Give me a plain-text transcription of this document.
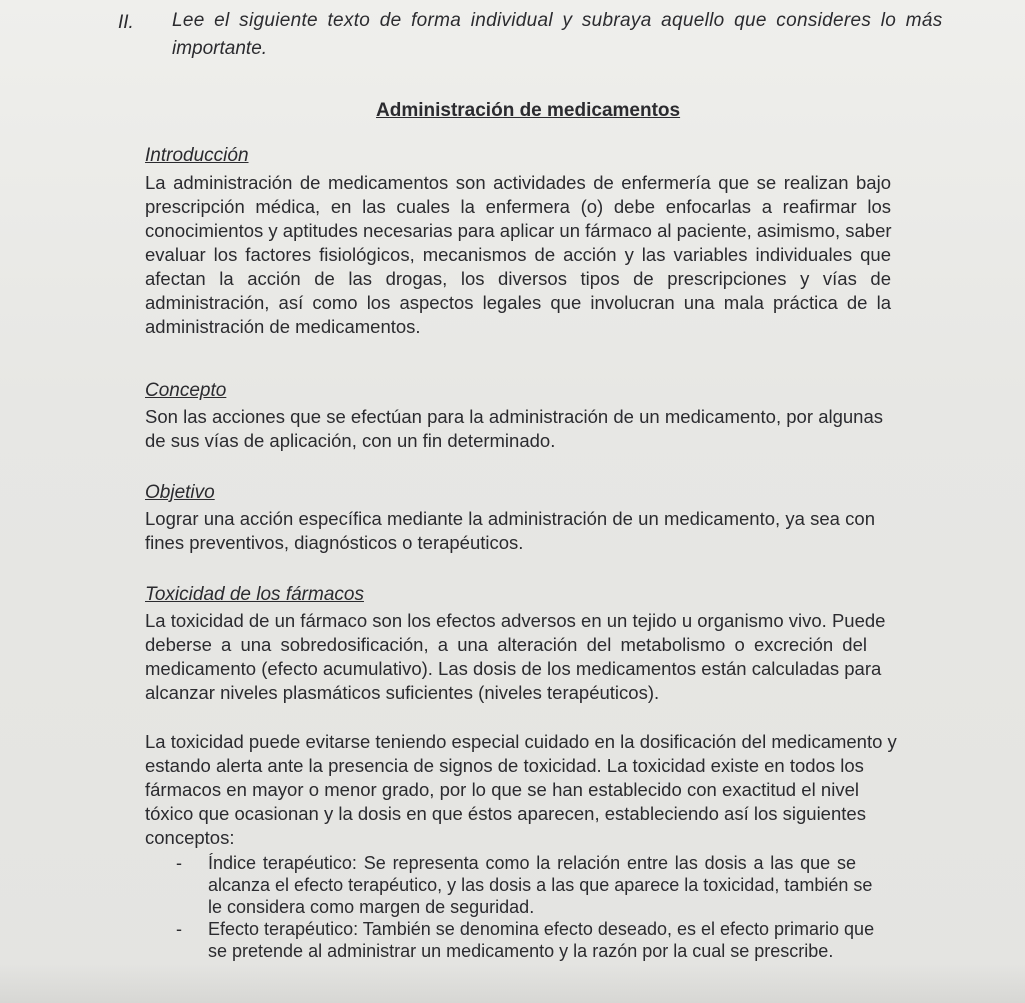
II. Lee el siguiente texto de forma individual y subraya aquello que consideres lo más
importante.
Administración de medicamentos
Introducción
La administración de medicamentos son actividades de enfermería que se realizan bajo
prescripción médica, en las cuales la enfermera (o) debe enfocarlas a reafirmar los
conocimientos y aptitudes necesarias para aplicar un fármaco al paciente, asimismo, saber
evaluar los factores fisiológicos, mecanismos de acción y las variables individuales que
afectan la acción de las drogas, los diversos tipos de prescripciones y vías de
administración, así como los aspectos legales que involucran una mala práctica de la
administración de medicamentos.
Concepto
Son las acciones que se efectúan para la administración de un medicamento, por algunas
de sus vías de aplicación, con un fin determinado.
Objetivo
Lograr una acción específica mediante la administración de un medicamento, ya sea con
fines preventivos, diagnósticos o terapéuticos.
Toxicidad de los fármacos
La toxicidad de un fármaco son los efectos adversos en un tejido u organismo vivo. Puede
deberse a una sobredosificación, a una alteración del metabolismo o excreción del
medicamento (efecto acumulativo). Las dosis de los medicamentos están calculadas para
alcanzar niveles plasmáticos suficientes (niveles terapéuticos).
La toxicidad puede evitarse teniendo especial cuidado en la dosificación del medicamento y
estando alerta ante la presencia de signos de toxicidad. La toxicidad existe en todos los
fármacos en mayor o menor grado, por lo que se han establecido con exactitud el nivel
tóxico que ocasionan y la dosis en que éstos aparecen, estableciendo así los siguientes
conceptos:
- Índice terapéutico: Se representa como la relación entre las dosis a las que se
alcanza el efecto terapéutico, y las dosis a las que aparece la toxicidad, también se
le considera como margen de seguridad.
- Efecto terapéutico: También se denomina efecto deseado, es el efecto primario que
se pretende al administrar un medicamento y la razón por la cual se prescribe.
